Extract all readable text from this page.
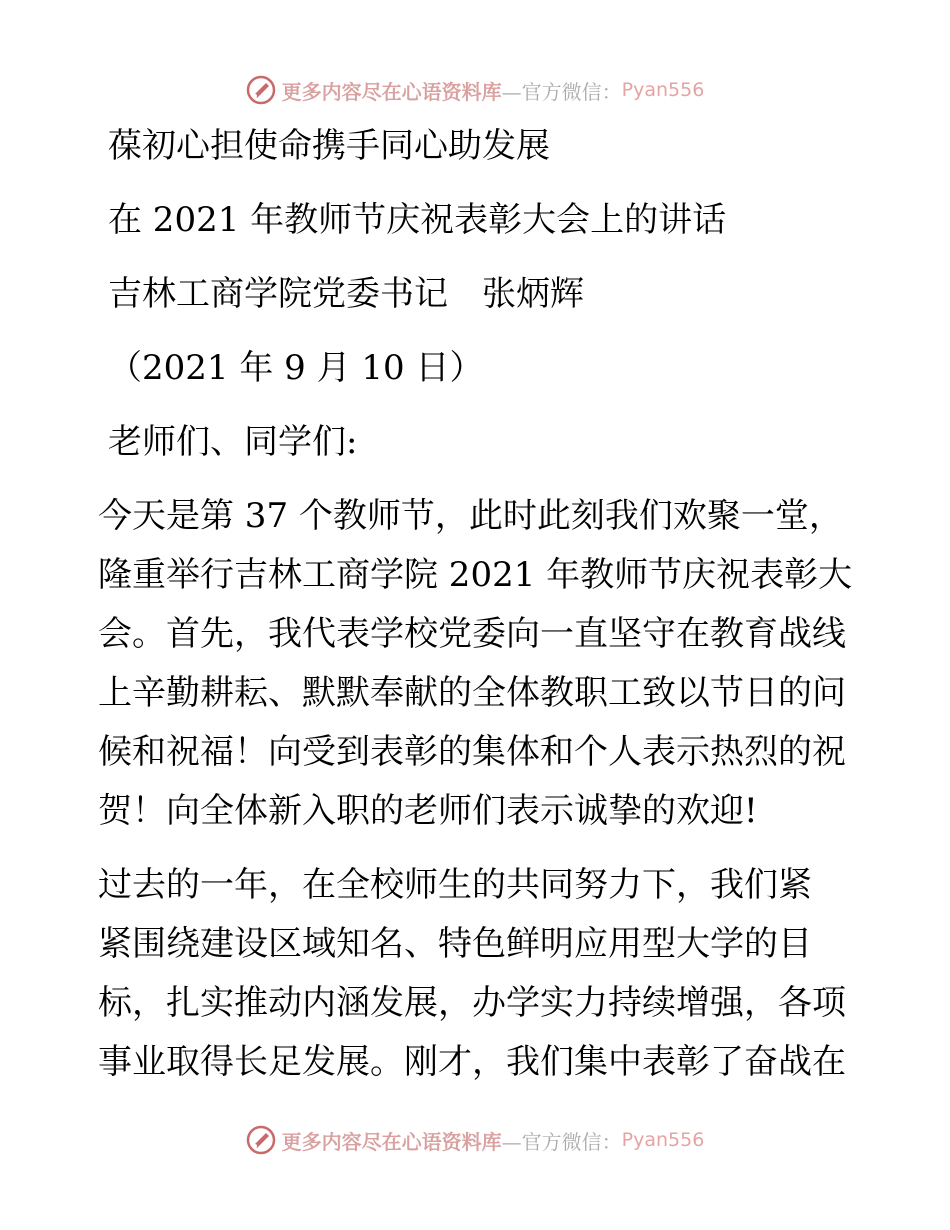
更多内容尽在心语资料库 —官方微信： Pyan556
葆初心担使命携手同心助发展
在 2021 年教师节庆祝表彰大会上的讲话
吉林工商学院党委书记　张炳辉
（2021 年 9 月 10 日）
老师们、同学们:
今天是第 37 个教师节，此时此刻我们欢聚一堂，
隆重举行吉林工商学院 2021 年教师节庆祝表彰大
会。首先，我代表学校党委向一直坚守在教育战线
上辛勤耕耘、默默奉献的全体教职工致以节日的问
候和祝福！向受到表彰的集体和个人表示热烈的祝
贺！向全体新入职的老师们表示诚挚的欢迎!
过去的一年，在全校师生的共同努力下，我们紧
紧围绕建设区域知名、特色鲜明应用型大学的目
标，扎实推动内涵发展，办学实力持续增强，各项
事业取得长足发展。刚才，我们集中表彰了奋战在
更多内容尽在心语资料库 —官方微信： Pyan556
